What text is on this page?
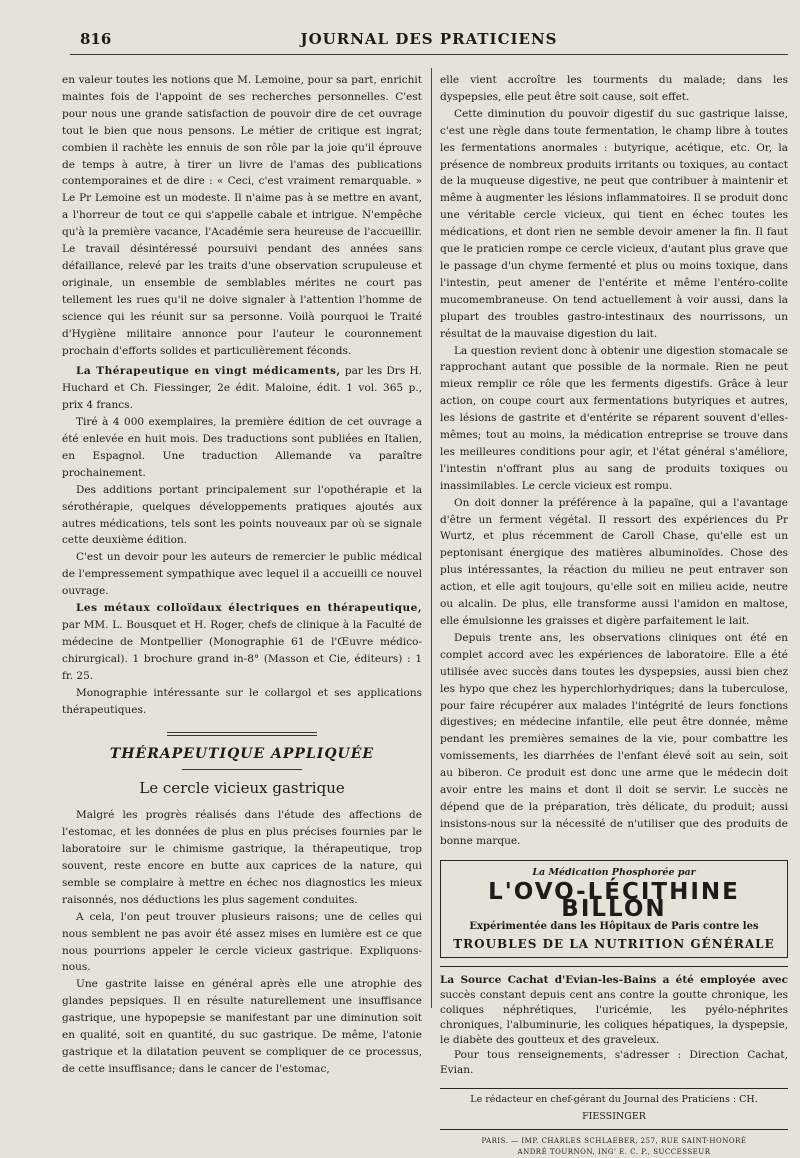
816	JOURNAL DES PRATICIENS

en valeur toutes les notions que M. Lemoine, pour sa part, enrichit maintes fois de l'appoint de ses recherches personnelles. C'est pour nous une grande satisfaction de pouvoir dire de cet ouvrage tout le bien que nous pensons. Le métier de critique est ingrat; combien il rachète les ennuis de son rôle par la joie qu'il éprouve de temps à autre, à tirer un livre de l'amas des publications contemporaines et de dire : « Ceci, c'est vraiment remarquable. » Le Pr Lemoine est un modeste. Il n'aime pas à se mettre en avant, a l'horreur de tout ce qui s'appelle cabale et intrigue. N'empêche qu'à la première vacance, l'Académie sera heureuse de l'accueillir. Le travail désintéressé poursuivi pendant des années sans défaillance, relevé par les traits d'une observation scrupuleuse et originale, un ensemble de semblables mérites ne court pas tellement les rues qu'il ne doive signaler à l'attention l'homme de science qui les réunit sur sa personne. Voilà pourquoi le Traité d'Hygiène militaire annonce pour l'auteur le couronnement prochain d'efforts solides et particulièrement féconds.

La Thérapeutique en vingt médicaments, par les Drs H. Huchard et Ch. Fiessinger, 2e édit. Maloine, édit. 1 vol. 365 p., prix 4 francs.

Tiré à 4 000 exemplaires, la première édition de cet ouvrage a été enlevée en huit mois. Des traductions sont publiées en Italien, en Espagnol. Une traduction Allemande va paraître prochainement.

Des additions portant principalement sur l'opothérapie et la sérothérapie, quelques développements pratiques ajoutés aux autres médications, tels sont les points nouveaux par où se signale cette deuxième édition.

C'est un devoir pour les auteurs de remercier le public médical de l'empressement sympathique avec lequel il a accueilli ce nouvel ouvrage.

Les métaux colloïdaux électriques en thérapeutique, par MM. L. Bousquet et H. Roger, chefs de clinique à la Faculté de médecine de Montpellier (Monographie 61 de l'Œuvre médico-chirurgical). 1 brochure grand in-8° (Masson et Cie, éditeurs) : 1 fr. 25.

Monographie intéressante sur le collargol et ses applications thérapeutiques.

THÉRAPEUTIQUE APPLIQUÉE
Le cercle vicieux gastrique

Malgré les progrès réalisés dans l'étude des affections de l'estomac, et les données de plus en plus précises fournies par le laboratoire sur le chimisme gastrique, la thérapeutique, trop souvent, reste encore en butte aux caprices de la nature, qui semble se complaire à mettre en échec nos diagnostics les mieux raisonnés, nos déductions les plus sagement conduites.

A cela, l'on peut trouver plusieurs raisons; une de celles qui nous semblent ne pas avoir été assez mises en lumière est ce que nous pourrions appeler le cercle vicieux gastrique. Expliquons-nous.

Une gastrite laisse en général après elle une atrophie des glandes pepsiques. Il en résulte naturellement une insuffisance gastrique, une hypopepsie se manifestant par une diminution soit en qualité, soit en quantité, du suc gastrique. De même, l'atonie gastrique et la dilatation peuvent se compliquer de ce processus, de cette insuffisance; dans le cancer de l'estomac,

elle vient accroître les tourments du malade; dans les dyspepsies, elle peut être soit cause, soit effet.

Cette diminution du pouvoir digestif du suc gastrique laisse, c'est une règle dans toute fermentation, le champ libre à toutes les fermentations anormales : butyrique, acétique, etc. Or, la présence de nombreux produits irritants ou toxiques, au contact de la muqueuse digestive, ne peut que contribuer à maintenir et même à augmenter les lésions inflammatoires. Il se produit donc une véritable cercle vicieux, qui tient en échec toutes les médications, et dont rien ne semble devoir amener la fin. Il faut que le praticien rompe ce cercle vicieux, d'autant plus grave que le passage d'un chyme fermenté et plus ou moins toxique, dans l'intestin, peut amener de l'entérite et même l'entéro-colite mucomembraneuse. On tend actuellement à voir aussi, dans la plupart des troubles gastro-intestinaux des nourrissons, un résultat de la mauvaise digestion du lait.

La question revient donc à obtenir une digestion stomacale se rapprochant autant que possible de la normale. Rien ne peut mieux remplir ce rôle que les ferments digestifs. Grâce à leur action, on coupe court aux fermentations butyriques et autres, les lésions de gastrite et d'entérite se réparent souvent d'elles-mêmes; tout au moins, la médication entreprise se trouve dans les meilleures conditions pour agir, et l'état général s'améliore, l'intestin n'offrant plus au sang de produits toxiques ou inassimilables. Le cercle vicieux est rompu.

On doit donner la préférence à la papaïne, qui a l'avantage d'être un ferment végétal. Il ressort des expériences du Pr Wurtz, et plus récemment de Caroll Chase, qu'elle est un peptonisant énergique des matières albuminoïdes. Chose des plus intéressantes, la réaction du milieu ne peut entraver son action, et elle agit toujours, qu'elle soit en milieu acide, neutre ou alcalin. De plus, elle transforme aussi l'amidon en maltose, elle émulsionne les graisses et digère parfaitement le lait.

Depuis trente ans, les observations cliniques ont été en complet accord avec les expériences de laboratoire. Elle a été utilisée avec succès dans toutes les dyspepsies, aussi bien chez les hypo que chez les hyperchlorhydriques; dans la tuberculose, pour faire récupérer aux malades l'intégrité de leurs fonctions digestives; en médecine infantile, elle peut être donnée, même pendant les premières semaines de la vie, pour combattre les vomissements, les diarrhées de l'enfant élevé soit au sein, soit au biberon. Ce produit est donc une arme que le médecin doit avoir entre les mains et dont il doit se servir. Le succès ne dépend que de la préparation, très délicate, du produit; aussi insistons-nous sur la nécessité de n'utiliser que des produits de bonne marque.

La Médication Phosphorée par
L'OVO-LÉCITHINE BILLON
Expérimentée dans les Hôpitaux de Paris contre les
TROUBLES DE LA NUTRITION GÉNÉRALE
La Source Cachat d'Evian-les-Bains a été employée avec succès constant depuis cent ans contre la goutte chronique, les coliques néphrétiques, l'uricémie, les pyélo-néphrites chroniques, l'albuminurie, les coliques hépatiques, la dyspepsie, le diabète des goutteux et des graveleux.
Pour tous renseignements, s'adresser : Direction Cachat, Evian.
Le rédacteur en chef-gérant du Journal des Praticiens : CH. FIESSINGER
PARIS. — IMP. CHARLES SCHLAEBER, 257, RUE SAINT-HONORÉ
ANDRÉ TOURNON, ING' E. C. P., SUCCESSEUR
